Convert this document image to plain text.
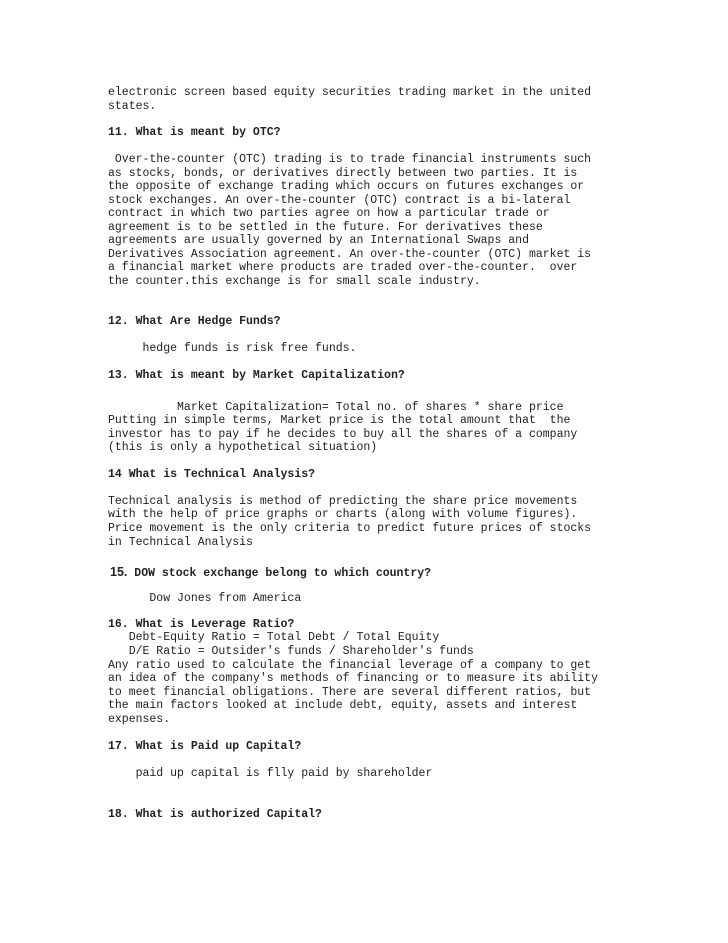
electronic screen based equity securities trading market in the united
states.
11. What is meant by OTC?
Over-the-counter (OTC) trading is to trade financial instruments such
as stocks, bonds, or derivatives directly between two parties. It is
the opposite of exchange trading which occurs on futures exchanges or
stock exchanges. An over-the-counter (OTC) contract is a bi-lateral
contract in which two parties agree on how a particular trade or
agreement is to be settled in the future. For derivatives these
agreements are usually governed by an International Swaps and
Derivatives Association agreement. An over-the-counter (OTC) market is
a financial market where products are traded over-the-counter.  over
the counter.this exchange is for small scale industry.
12. What Are Hedge Funds?
hedge funds is risk free funds.
13. What is meant by Market Capitalization?
Market Capitalization= Total no. of shares * share price
Putting in simple terms, Market price is the total amount that  the
investor has to pay if he decides to buy all the shares of a company
(this is only a hypothetical situation)
14 What is Technical Analysis?
Technical analysis is method of predicting the share price movements
with the help of price graphs or charts (along with volume figures).
Price movement is the only criteria to predict future prices of stocks
in Technical Analysis
15. DOW stock exchange belong to which country?
Dow Jones from America
16. What is Leverage Ratio?
Debt-Equity Ratio = Total Debt / Total Equity
D/E Ratio = Outsider's funds / Shareholder's funds
Any ratio used to calculate the financial leverage of a company to get
an idea of the company's methods of financing or to measure its ability
to meet financial obligations. There are several different ratios, but
the main factors looked at include debt, equity, assets and interest
expenses.
17. What is Paid up Capital?
paid up capital is flly paid by shareholder
18. What is authorized Capital?
